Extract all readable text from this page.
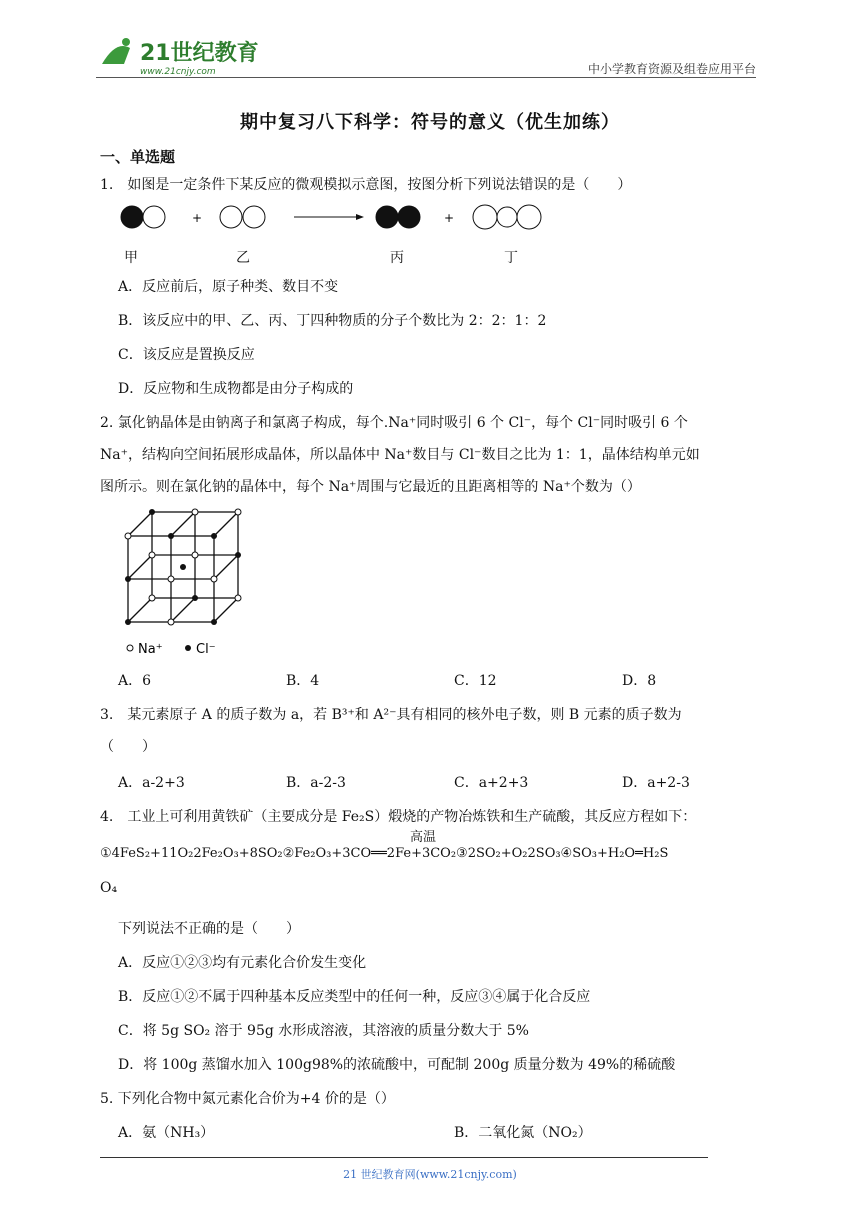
21世纪教育
www.21cnjy.com	中小学教育资源及组卷应用平台
期中复习八下科学：符号的意义（优生加练）
一、单选题
1.　如图是一定条件下某反应的微观模拟示意图，按图分析下列说法错误的是（　　）
+	+
甲	乙	丙	丁
A．反应前后，原子种类、数目不变
B．该反应中的甲、乙、丙、丁四种物质的分子个数比为 2：2：1：2
C．该反应是置换反应
D．反应物和生成物都是由分子构成的
2. 氯化钠晶体是由钠离子和氯离子构成，每个.Na⁺同时吸引 6 个 Cl⁻，每个 Cl⁻同时吸引 6 个
Na⁺，结构向空间拓展形成晶体，所以晶体中 Na⁺数目与 Cl⁻数目之比为 1：1，晶体结构单元如
图所示。则在氯化钠的晶体中，每个 Na⁺周围与它最近的且距离相等的 Na⁺个数为（）
Na⁺	Cl⁻
A．6	B．4	C．12	D．8
3.　某元素原子 A 的质子数为 a，若 B³⁺和 A²⁻具有相同的核外电子数，则 B 元素的质子数为
（　　）
A．a-2+3	B．a-2-3	C．a+2+3	D．a+2-3
4.　工业上可利用黄铁矿（主要成分是 Fe₂S）煅烧的产物冶炼铁和生产硫酸，其反应方程如下：
高温
①4FeS₂+11O₂2Fe₂O₃+8SO₂②Fe₂O₃+3CO══2Fe+3CO₂③2SO₂+O₂2SO₃④SO₃+H₂O═H₂S
O₄
下列说法不正确的是（　　）
A．反应①②③均有元素化合价发生变化
B．反应①②不属于四种基本反应类型中的任何一种，反应③④属于化合反应
C．将 5g SO₂ 溶于 95g 水形成溶液，其溶液的质量分数大于 5%
D．将 100g 蒸馏水加入 100g98%的浓硫酸中，可配制 200g 质量分数为 49%的稀硫酸
5. 下列化合物中氮元素化合价为+4 价的是（）
A．氨（NH₃）	B．二氧化氮（NO₂）
21 世纪教育网(www.21cnjy.com)
